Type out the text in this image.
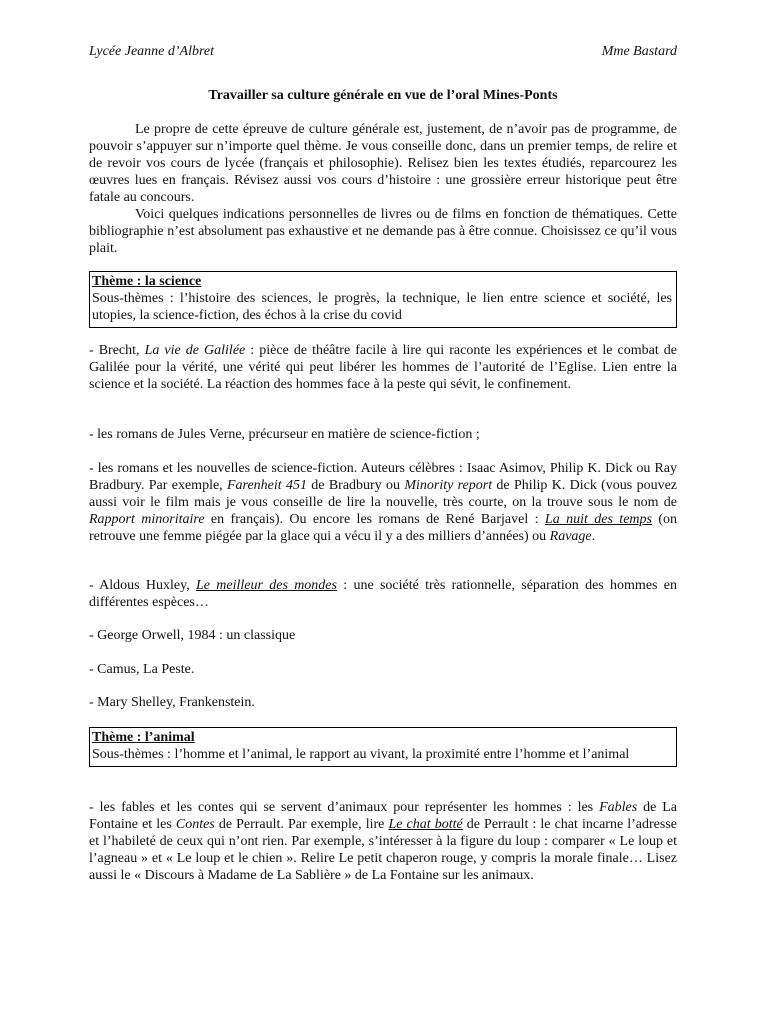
Lycée Jeanne d’Albret	Mme Bastard
Travailler sa culture générale en vue de l’oral Mines-Ponts

Le propre de cette épreuve de culture générale est, justement, de n’avoir pas de programme, de pouvoir s’appuyer sur n’importe quel thème. Je vous conseille donc, dans un premier temps, de relire et de revoir vos cours de lycée (français et philosophie). Relisez bien les textes étudiés, reparcourez les œuvres lues en français. Révisez aussi vos cours d’histoire : une grossière erreur historique peut être fatale au concours.

Voici quelques indications personnelles de livres ou de films en fonction de thématiques. Cette bibliographie n’est absolument pas exhaustive et ne demande pas à être connue. Choisissez ce qu’il vous plait.

Thème : la science
Sous-thèmes : l’histoire des sciences, le progrès, la technique, le lien entre science et société, les utopies, la science-fiction, des échos à la crise du covid

- Brecht, La vie de Galilée : pièce de théâtre facile à lire qui raconte les expériences et le combat de Galilée pour la vérité, une vérité qui peut libérer les hommes de l’autorité de l’Eglise. Lien entre la science et la société. La réaction des hommes face à la peste qui sévit, le confinement.

- les romans de Jules Verne, précurseur en matière de science-fiction ;

- les romans et les nouvelles de science-fiction. Auteurs célèbres : Isaac Asimov, Philip K. Dick ou Ray Bradbury. Par exemple, Farenheit 451 de Bradbury ou Minority report de Philip K. Dick (vous pouvez aussi voir le film mais je vous conseille de lire la nouvelle, très courte, on la trouve sous le nom de Rapport minoritaire en français). Ou encore les romans de René Barjavel : La nuit des temps (on retrouve une femme piégée par la glace qui a vécu il y a des milliers d’années) ou Ravage.

- Aldous Huxley, Le meilleur des mondes : une société très rationnelle, séparation des hommes en différentes espèces…

- George Orwell, 1984 : un classique

- Camus, La Peste.

- Mary Shelley, Frankenstein.

Thème : l’animal
Sous-thèmes : l’homme et l’animal, le rapport au vivant, la proximité entre l’homme et l’animal

- les fables et les contes qui se servent d’animaux pour représenter les hommes : les Fables de La Fontaine et les Contes de Perrault. Par exemple, lire Le chat botté de Perrault : le chat incarne l’adresse et l’habileté de ceux qui n’ont rien. Par exemple, s’intéresser à la figure du loup : comparer « Le loup et l’agneau » et « Le loup et le chien ». Relire Le petit chaperon rouge, y compris la morale finale… Lisez aussi le « Discours à Madame de La Sablière » de La Fontaine sur les animaux.
